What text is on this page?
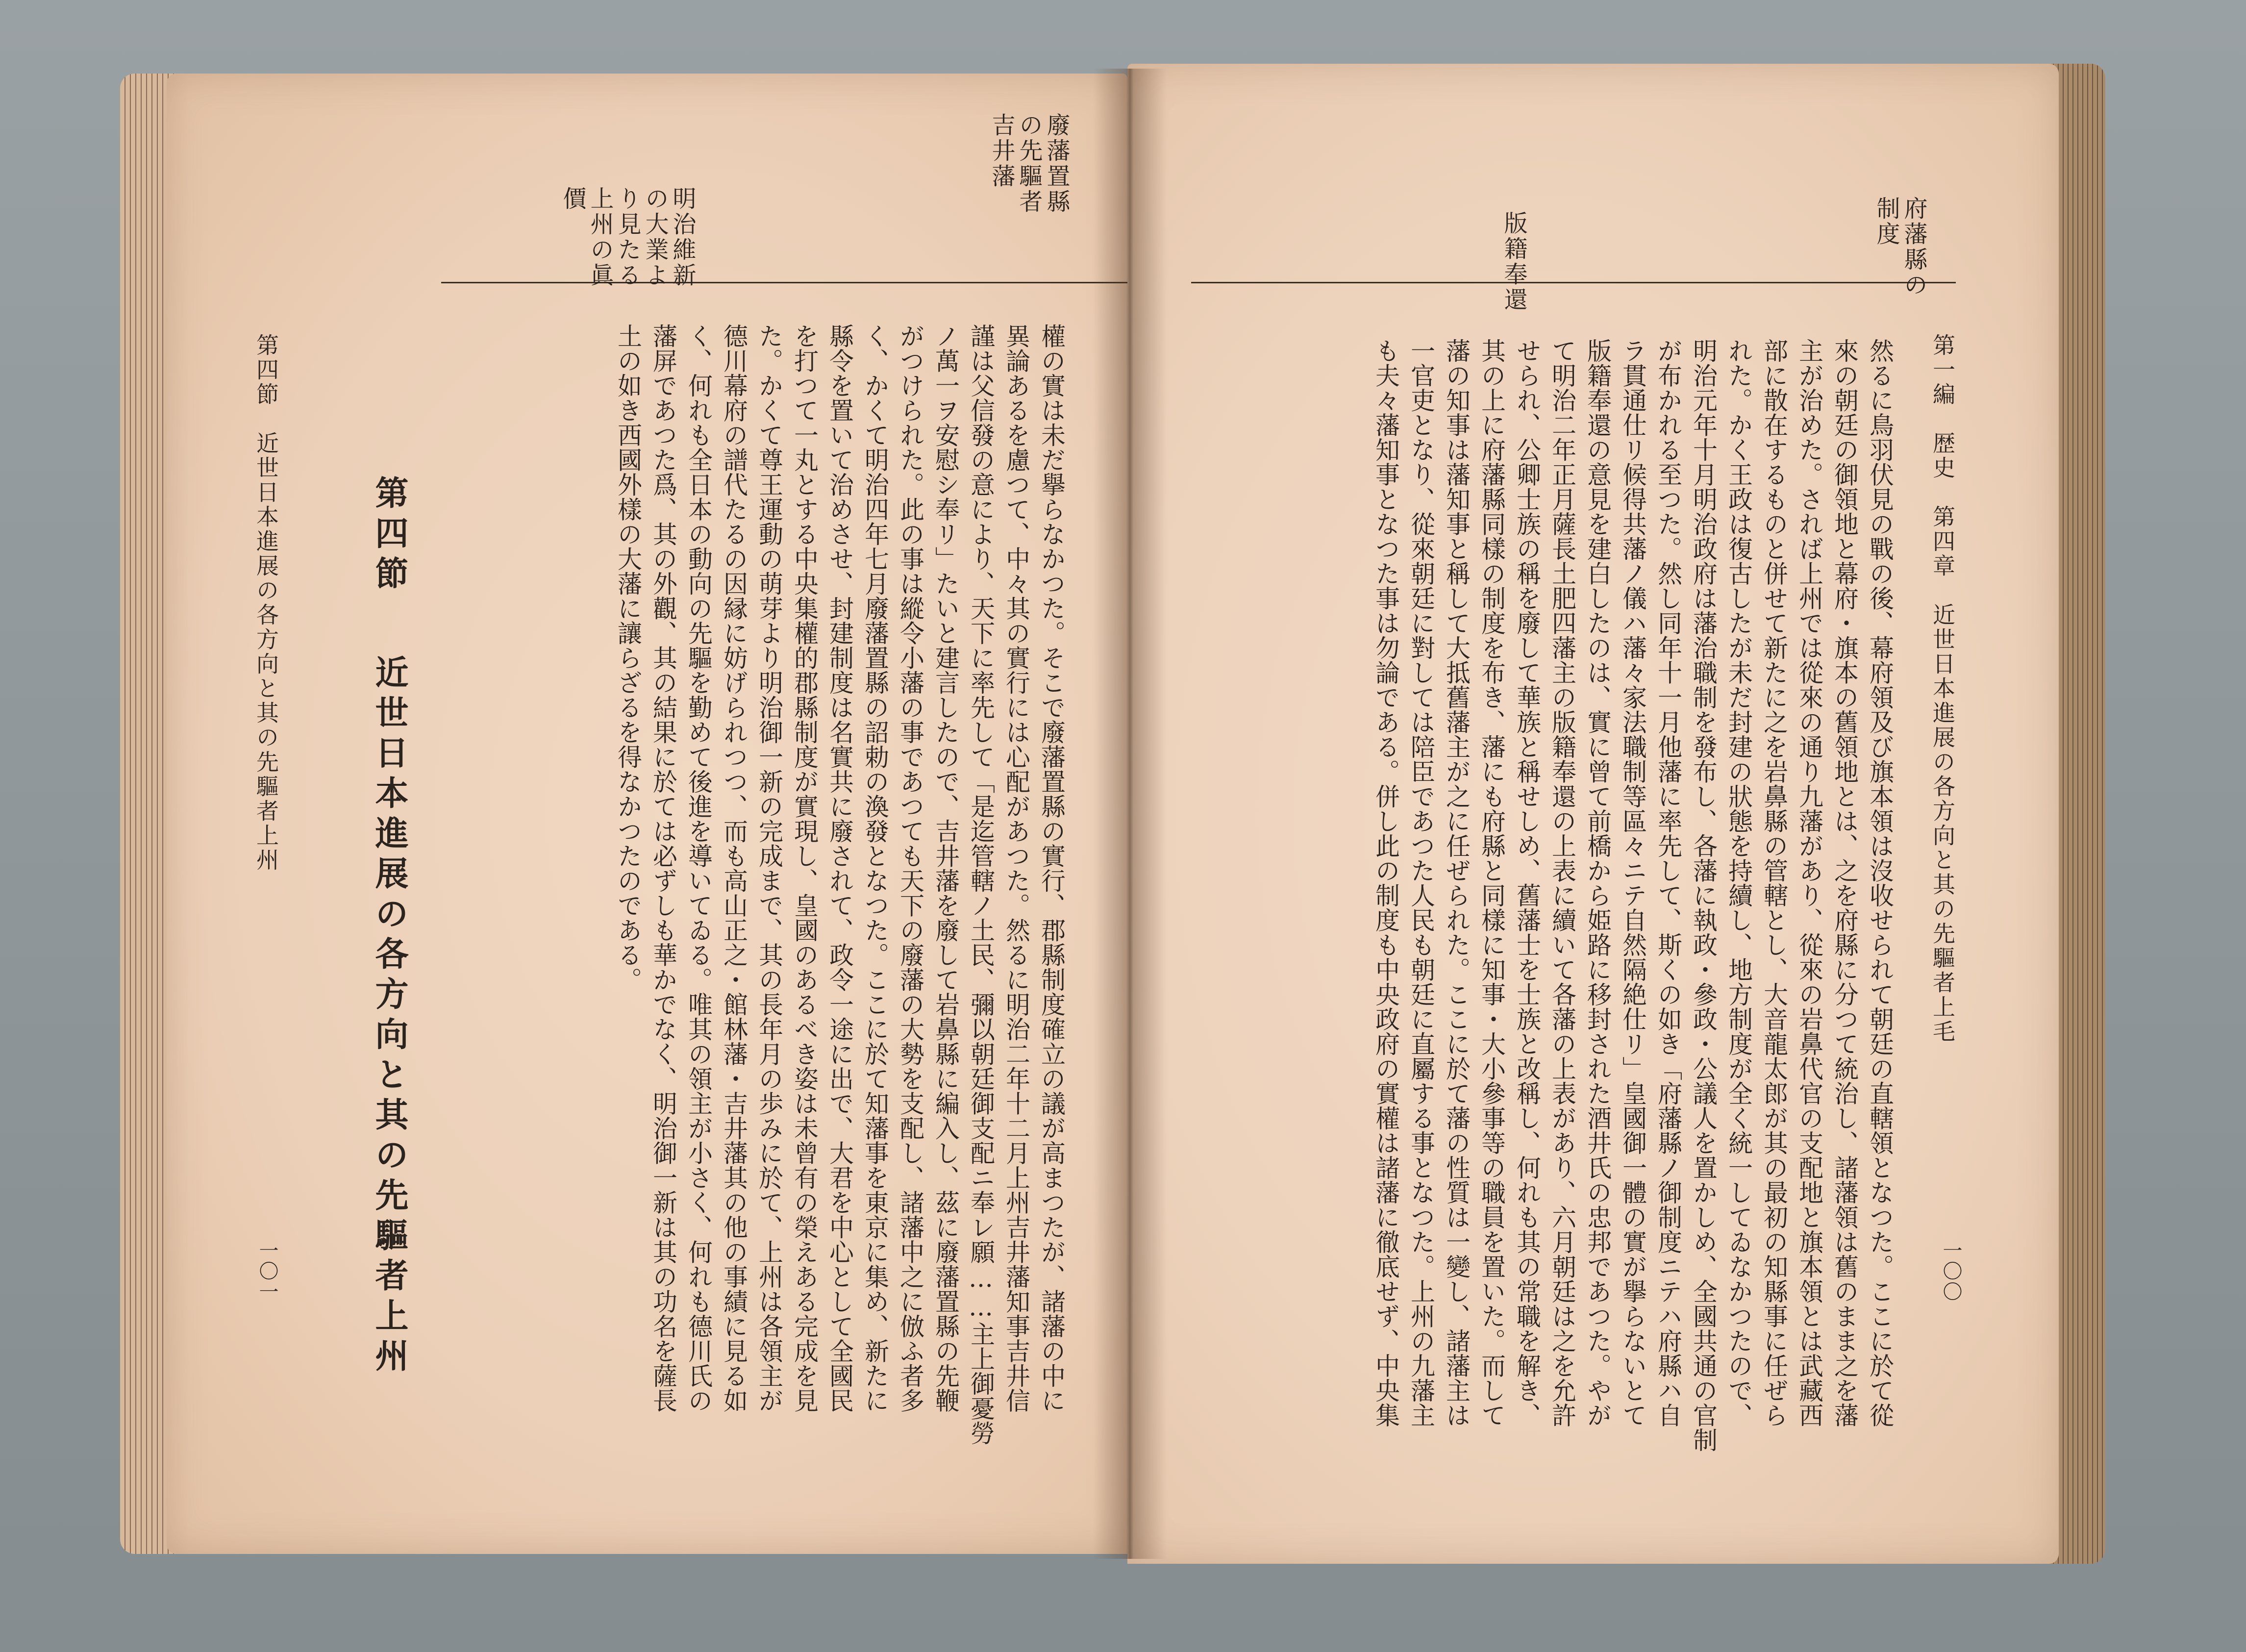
廢藩置縣
の先驅者
吉井藩
明治維新
の大業よ
り見たる
上州の眞
價
權の實は未だ擧らなかつた。そこで廢藩置縣の實行、郡縣制度確立の議が高まつたが、諸藩の中に
異論あるを慮つて、中々其の實行には心配があつた。然るに明治二年十二月上州吉井藩知事吉井信
謹は父信發の意により、天下に率先して「是迄管轄ノ土民、彌以朝廷御支配ニ奉レ願……主上御憂勞
ノ萬一ヲ安慰シ奉リ」たいと建言したので、吉井藩を廢して岩鼻縣に編入し、茲に廢藩置縣の先鞭
がつけられた。此の事は縱令小藩の事であつても天下の廢藩の大勢を支配し、諸藩中之に倣ふ者多
く、かくて明治四年七月廢藩置縣の詔勅の渙發となつた。ここに於て知藩事を東京に集め、新たに
縣令を置いて治めさせ、封建制度は名實共に廢されて、政令一途に出で、大君を中心として全國民
を打つて一丸とする中央集權的郡縣制度が實現し、皇國のあるべき姿は未曾有の榮えある完成を見
た。かくて尊王運動の萌芽より明治御一新の完成まで、其の長年月の歩みに於て、上州は各領主が
德川幕府の譜代たるの因縁に妨げられつつ、而も高山正之・館林藩・吉井藩其の他の事績に見る如
く、何れも全日本の動向の先驅を勤めて後進を導いてゐる。唯其の領主が小さく、何れも德川氏の
藩屏であつた爲、其の外觀、其の結果に於ては必ずしも華かでなく、明治御一新は其の功名を薩長
土の如き西國外樣の大藩に讓らざるを得なかつたのである。
第四節近世日本進展の各方向と其の先驅者上州
第四節　近世日本進展の各方向と其の先驅者上州
一〇一
府藩縣の
制度
版籍奉還
第一編　歴史　第四章　近世日本進展の各方向と其の先驅者上毛
然るに鳥羽伏見の戰の後、幕府領及び旗本領は沒收せられて朝廷の直轄領となつた。ここに於て從
來の朝廷の御領地と幕府・旗本の舊領地とは、之を府縣に分つて統治し、諸藩領は舊のまま之を藩
主が治めた。されば上州では從來の通り九藩があり、從來の岩鼻代官の支配地と旗本領とは武藏西
部に散在するものと併せて新たに之を岩鼻縣の管轄とし、大音龍太郎が其の最初の知縣事に任ぜら
れた。かく王政は復古したが未だ封建の狀態を持續し、地方制度が全く統一してゐなかつたので、
明治元年十月明治政府は藩治職制を發布し、各藩に執政・參政・公議人を置かしめ、全國共通の官制
が布かれる至つた。然し同年十一月他藩に率先して、斯くの如き「府藩縣ノ御制度ニテハ府縣ハ自
ラ貫通仕リ候得共藩ノ儀ハ藩々家法職制等區々ニテ自然隔絶仕リ」皇國御一體の實が擧らないとて
版籍奉還の意見を建白したのは、實に曾て前橋から姫路に移封された酒井氏の忠邦であつた。やが
て明治二年正月薩長土肥四藩主の版籍奉還の上表に續いて各藩の上表があり、六月朝廷は之を允許
せられ、公卿士族の稱を廢して華族と稱せしめ、舊藩士を士族と改稱し、何れも其の常職を解き、
其の上に府藩縣同樣の制度を布き、藩にも府縣と同樣に知事・大小參事等の職員を置いた。而して
藩の知事は藩知事と稱して大抵舊藩主が之に任ぜられた。ここに於て藩の性質は一變し、諸藩主は
一官吏となり、從來朝廷に對しては陪臣であつた人民も朝廷に直屬する事となつた。上州の九藩主
も夫々藩知事となつた事は勿論である。併し此の制度も中央政府の實權は諸藩に徹底せず、中央集	一〇〇
